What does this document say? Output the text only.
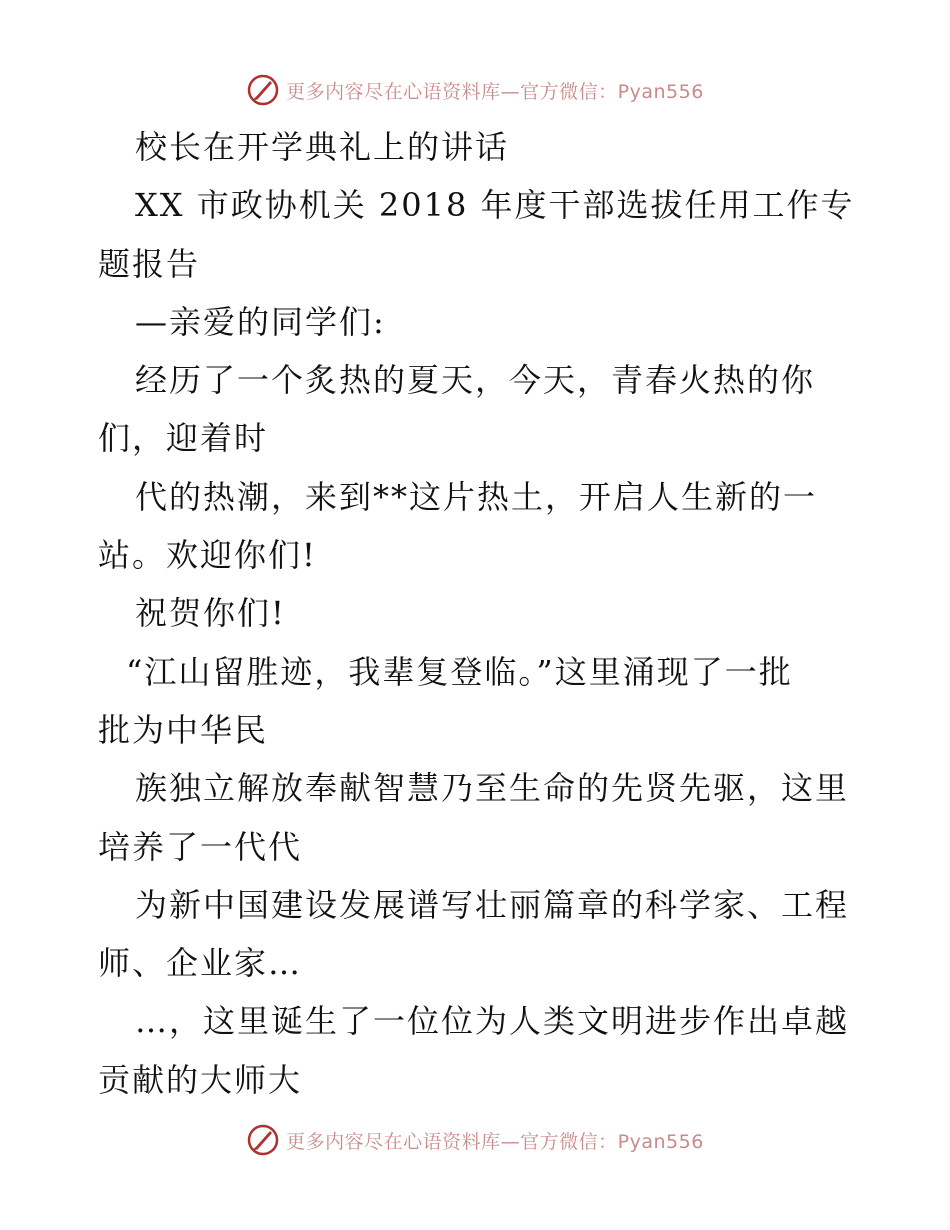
更多内容尽在心语资料库—官方微信：Pyan556
校长在开学典礼上的讲话
XX 市政协机关 2018 年度干部选拔任用工作专
题报告
—亲爱的同学们:
经历了一个炙热的夏天，今天，青春火热的你
们，迎着时
代的热潮，来到**这片热土，开启人生新的一
站。欢迎你们!
祝贺你们!
“江山留胜迹，我辈复登临。”这里涌现了一批
批为中华民
族独立解放奉献智慧乃至生命的先贤先驱，这里
培养了一代代
为新中国建设发展谱写壮丽篇章的科学家、工程
师、企业家…
…，这里诞生了一位位为人类文明进步作出卓越
贡献的大师大
更多内容尽在心语资料库—官方微信：Pyan556
